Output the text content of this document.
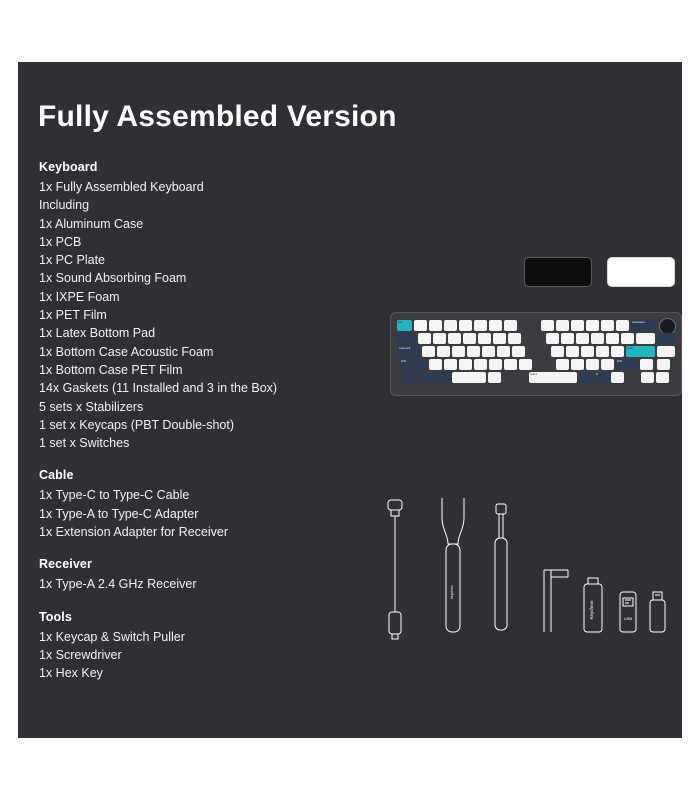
Fully Assembled Version
Keyboard
1x Fully Assembled Keyboard
Including
1x Aluminum Case
1x PCB
1x PC Plate
1x Sound Absorbing Foam
1x IXPE Foam
1x PET Film
1x Latex Bottom Pad
1x Bottom Case Acoustic Foam
1x Bottom Case PET Film
14x Gaskets (11 Installed and 3 in the Box)
5 sets x Stabilizers
1 set x Keycaps (PBT Double-shot)
1 set x Switches
Cable
1x Type-C to Type-C Cable
1x Type-A to Type-C Adapter
1x Extension Adapter for Receiver
Receiver
1x Type-A 2.4 GHz Receiver
Tools
1x Keycap & Switch Puller
1x Screwdriver
1x Hex Key
esc	backspace
caps lock	enter
shift	shift
space	fn
keychron
Keychron	USB
